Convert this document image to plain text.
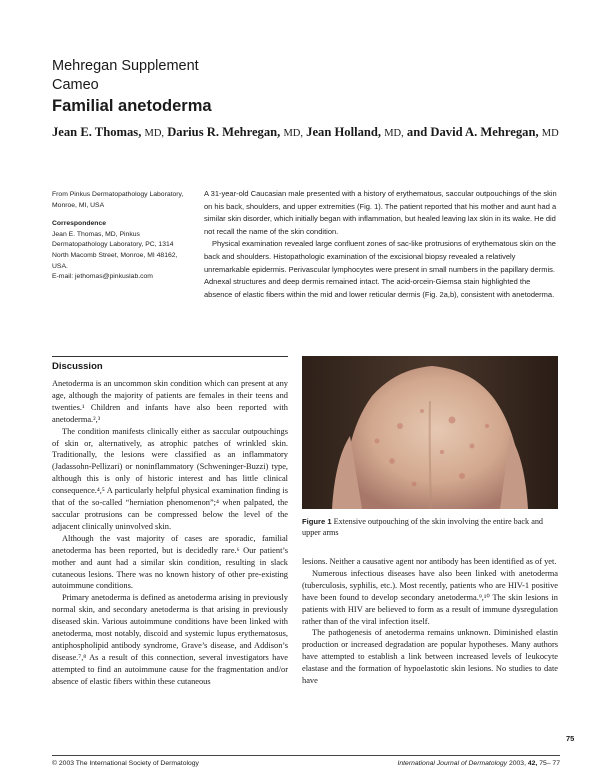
Mehregan Supplement
Cameo
Familial anetoderma
Jean E. Thomas, MD, Darius R. Mehregan, MD, Jean Holland, MD, and David A. Mehregan, MD

From Pinkus Dermatopathology Laboratory, Monroe, MI, USA

Correspondence

Jean E. Thomas, MD, Pinkus

Dermatopathology Laboratory, PC, 1314

North Macomb Street, Monroe, MI 48162,

USA.

E-mail: jethomas@pinkuslab.com

A 31-year-old Caucasian male presented with a history of erythematous, saccular outpouchings of the skin on his back, shoulders, and upper extremities (Fig. 1). The patient reported that his mother and aunt had a similar skin disorder, which initially began with inflammation, but healed leaving lax skin in its wake. He did not recall the name of the skin condition.

Physical examination revealed large confluent zones of sac-like protrusions of erythematous skin on the back and shoulders. Histopathologic examination of the excisional biopsy revealed a relatively unremarkable epidermis. Perivascular lymphocytes were present in small numbers in the papillary dermis. Adnexal structures and deep dermis remained intact. The acid-orcein-Giemsa stain highlighted the absence of elastic fibers within the mid and lower reticular dermis (Fig. 2a,b), consistent with anetoderma.

Discussion

Anetoderma is an uncommon skin condition which can present at any age, although the majority of patients are females in their teens and twenties.¹ Children and infants have also been reported with anetoderma.²,³

The condition manifests clinically either as saccular outpouchings of skin or, alternatively, as atrophic patches of wrinkled skin. Traditionally, the lesions were classified as an inflammatory (Jadassohn-Pellizari) or noninflammatory (Schweninger-Buzzi) type, although this is only of historic interest and has little clinical consequence.⁴,⁵ A particularly helpful physical examination finding is that of the so-called “herniation phenomenon”;⁴ when palpated, the saccular protrusions can be compressed below the level of the adjacent clinically uninvolved skin.

Although the vast majority of cases are sporadic, familial anetoderma has been reported, but is decidedly rare.⁶ Our patient’s mother and aunt had a similar skin condition, resulting in slack cutaneous lesions. There was no known history of other pre-existing autoimmune conditions.

Primary anetoderma is defined as anetoderma arising in previously normal skin, and secondary anetoderma is that arising in previously diseased skin. Various autoimmune conditions have been linked with anetoderma, most notably, discoid and systemic lupus erythematosus, antiphospholipid antibody syndrome, Grave’s disease, and Addison’s disease.⁷,⁸ As a result of this connection, several investigators have attempted to find an autoimmune cause for the fragmentation and/or absence of elastic fibers within these cutaneous

Figure 1 Extensive outpouching of the skin involving the entire back and upper arms

lesions. Neither a causative agent nor antibody has been identified as of yet.

Numerous infectious diseases have also been linked with anetoderma (tuberculosis, syphilis, etc.). Most recently, patients who are HIV-1 positive have been found to develop secondary anetoderma.⁹,¹⁰ The skin lesions in patients with HIV are believed to form as a result of immune dysregulation rather than of the viral infection itself.

The pathogenesis of anetoderma remains unknown. Diminished elastin production or increased degradation are popular hypotheses. Many authors have attempted to establish a link between increased levels of leukocyte elastase and the formation of hypoelastotic skin lesions. No studies to date have

75
© 2003 The International Society of Dermatology	International Journal of Dermatology 2003, 42, 75– 77
